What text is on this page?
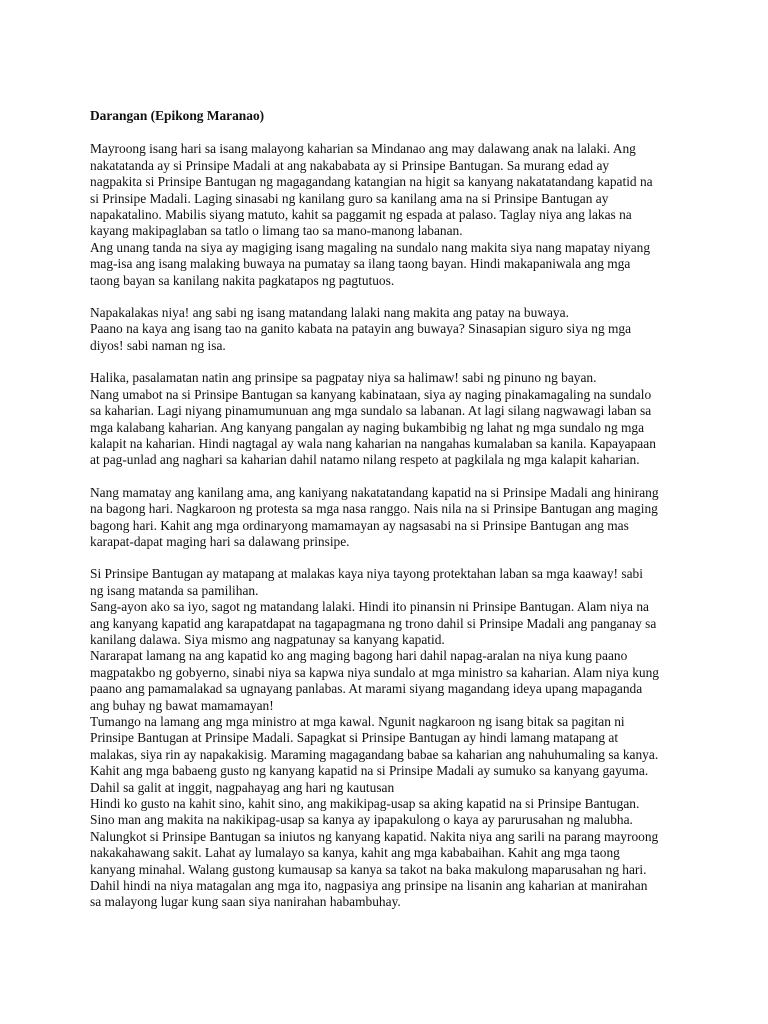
Darangan (Epikong Maranao)
Mayroong isang hari sa isang malayong kaharian sa Mindanao ang may dalawang anak na lalaki. Ang
nakatatanda ay si Prinsipe Madali at ang nakababata ay si Prinsipe Bantugan. Sa murang edad ay
nagpakita si Prinsipe Bantugan ng magagandang katangian na higit sa kanyang nakatatandang kapatid na
si Prinsipe Madali. Laging sinasabi ng kanilang guro sa kanilang ama na si Prinsipe Bantugan ay
napakatalino. Mabilis siyang matuto, kahit sa paggamit ng espada at palaso. Taglay niya ang lakas na
kayang makipaglaban sa tatlo o limang tao sa mano-manong labanan.
Ang unang tanda na siya ay magiging isang magaling na sundalo nang makita siya nang mapatay niyang
mag-isa ang isang malaking buwaya na pumatay sa ilang taong bayan. Hindi makapaniwala ang mga
taong bayan sa kanilang nakita pagkatapos ng pagtutuos.
Napakalakas niya! ang sabi ng isang matandang lalaki nang makita ang patay na buwaya.
Paano na kaya ang isang tao na ganito kabata na patayin ang buwaya? Sinasapian siguro siya ng mga
diyos! sabi naman ng isa.
Halika, pasalamatan natin ang prinsipe sa pagpatay niya sa halimaw! sabi ng pinuno ng bayan.
Nang umabot na si Prinsipe Bantugan sa kanyang kabinataan, siya ay naging pinakamagaling na sundalo
sa kaharian. Lagi niyang pinamumunuan ang mga sundalo sa labanan. At lagi silang nagwawagi laban sa
mga kalabang kaharian. Ang kanyang pangalan ay naging bukambibig ng lahat ng mga sundalo ng mga
kalapit na kaharian. Hindi nagtagal ay wala nang kaharian na nangahas kumalaban sa kanila. Kapayapaan
at pag-unlad ang naghari sa kaharian dahil natamo nilang respeto at pagkilala ng mga kalapit kaharian.
Nang mamatay ang kanilang ama, ang kaniyang nakatatandang kapatid na si Prinsipe Madali ang hinirang
na bagong hari. Nagkaroon ng protesta sa mga nasa ranggo. Nais nila na si Prinsipe Bantugan ang maging
bagong hari. Kahit ang mga ordinaryong mamamayan ay nagsasabi na si Prinsipe Bantugan ang mas
karapat-dapat maging hari sa dalawang prinsipe.
Si Prinsipe Bantugan ay matapang at malakas kaya niya tayong protektahan laban sa mga kaaway! sabi
ng isang matanda sa pamilihan.
Sang-ayon ako sa iyo, sagot ng matandang lalaki. Hindi ito pinansin ni Prinsipe Bantugan. Alam niya na
ang kanyang kapatid ang karapatdapat na tagapagmana ng trono dahil si Prinsipe Madali ang panganay sa
kanilang dalawa. Siya mismo ang nagpatunay sa kanyang kapatid.
Nararapat lamang na ang kapatid ko ang maging bagong hari dahil napag-aralan na niya kung paano
magpatakbo ng gobyerno, sinabi niya sa kapwa niya sundalo at mga ministro sa kaharian. Alam niya kung
paano ang pamamalakad sa ugnayang panlabas. At marami siyang magandang ideya upang mapaganda
ang buhay ng bawat mamamayan!
Tumango na lamang ang mga ministro at mga kawal. Ngunit nagkaroon ng isang bitak sa pagitan ni
Prinsipe Bantugan at Prinsipe Madali. Sapagkat si Prinsipe Bantugan ay hindi lamang matapang at
malakas, siya rin ay napakakisig. Maraming magagandang babae sa kaharian ang nahuhumaling sa kanya.
Kahit ang mga babaeng gusto ng kanyang kapatid na si Prinsipe Madali ay sumuko sa kanyang gayuma.
Dahil sa galit at inggit, nagpahayag ang hari ng kautusan
Hindi ko gusto na kahit sino, kahit sino, ang makikipag-usap sa aking kapatid na si Prinsipe Bantugan.
Sino man ang makita na nakikipag-usap sa kanya ay ipapakulong o kaya ay parurusahan ng malubha.
Nalungkot si Prinsipe Bantugan sa iniutos ng kanyang kapatid. Nakita niya ang sarili na parang mayroong
nakakahawang sakit. Lahat ay lumalayo sa kanya, kahit ang mga kababaihan. Kahit ang mga taong
kanyang minahal. Walang gustong kumausap sa kanya sa takot na baka makulong maparusahan ng hari.
Dahil hindi na niya matagalan ang mga ito, nagpasiya ang prinsipe na lisanin ang kaharian at manirahan
sa malayong lugar kung saan siya nanirahan habambuhay.
